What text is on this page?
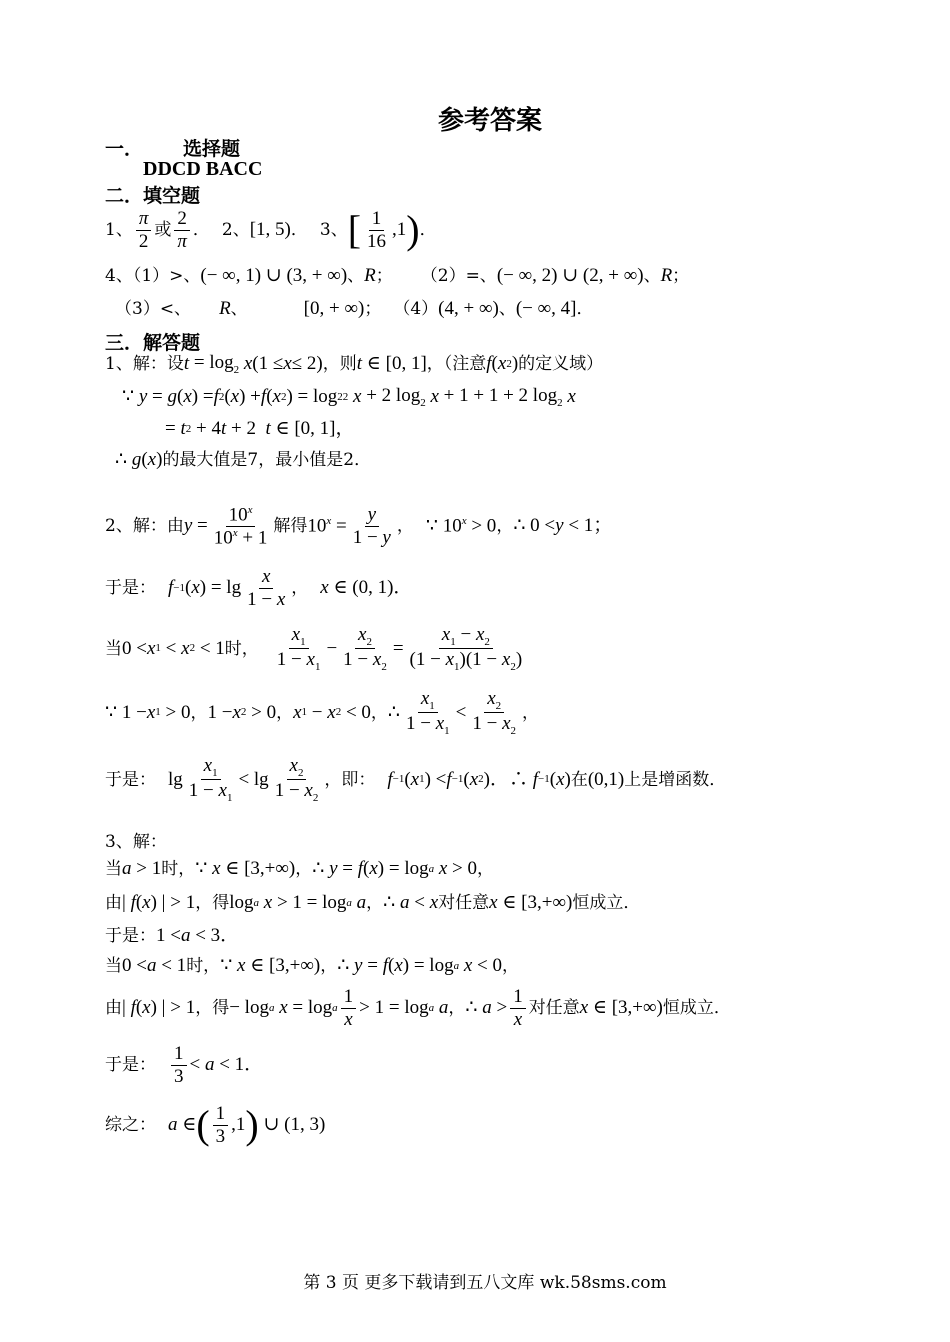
参考答案
一． 选择题
DDCD BACC
二．填空题
1、 $\frac{\pi}{2}$ 或 $\frac{2}{\pi}$ ． 2、 [1, 5) ． 3、 [ $\frac{1}{16} ,1$ ) ．
4、（1）>、 (− ∞, 1) ∪ (3, + ∞) 、 R ； （2）=、 (− ∞, 2) ∪ (2, + ∞) 、 R ；
（3）<、 R 、	[0, + ∞) ； （4） (4, + ∞) 、 (− ∞, 4] ．
三．解答题
1、解：设 $t = \log_2 x$ (1 ≤ x ≤ 2) ，则 t ∈ [0, 1] ，（注意 f ( x 2 ) 的定义域）
∵ y = g ( x ) = f 2 ( x ) + f ( x 2 ) = log 2 2
x + 2 $\log_2 x + 1 + 1 + 2$ $\log_2 x$
= t 2 + 4 t + 2 t ∈ [0, 1]，
∴ g ( x ) 的最大值是7，最小值是2．
2、解：由 $y = \frac{10^x}{10^x + 1}$ 解得 $10^x = \frac{y}{1 - y}$ ， ∵ $10^x > 0$ ， ∴ 0 < y < 1；
于是： f −1 ( x ) = $\lg \frac{x}{1 - x}$ ， x ∈ (0, 1)．
当 0 < x 1 < x 2 < 1 时， $\frac{x_1}{1 - x_1} - \frac{x_2}{1 - x_2} = \frac{x_1 - x_2}{(1 - x_1)(1 - x_2)}$
∵ 1 − x 1 > 0 ， 1 − x 2 > 0 ， x 1 − x 2 < 0 ， ∴ $\frac{x_1}{1 - x_1} < \frac{x_2}{1 - x_2}$ ，
于是： $\lg \frac{x_1}{1 - x_1} < \lg \frac{x_2}{1 - x_2}$ ，即： f −1 ( x 1 ) < f −1 ( x 2 )．∴ f −1 ( x ) 在 (0,1) 上是增函数．
3、解：
当 a > 1 时， ∵ x ∈ [3,+∞) ， ∴ y = f ( x ) = log a
x > 0 ，
由 | f ( x ) | > 1 ，得 log a
x > 1 = log a
a ， ∴ a < x 对任意 x ∈ [3,+∞) 恒成立．
于是： 1 < a < 3．
当 0 < a < 1 时， ∵ x ∈ [3,+∞) ， ∴ y = f ( x ) = log a
x < 0 ，
由 | f ( x ) | > 1 ，得 − log a
x = log a $\frac{1}{x} > 1 = \log a$
a ， ∴ $a > \frac{1}{x}$ 对任意 x ∈ [3,+∞) 恒成立．
于是： $\frac{1}{3} < a < 1$．
综之： a ∈ ( $\frac{1}{3} ,1$ ) ∪ (1, 3)
第 3 页 更多下载请到五八文库 wk.58sms.com
